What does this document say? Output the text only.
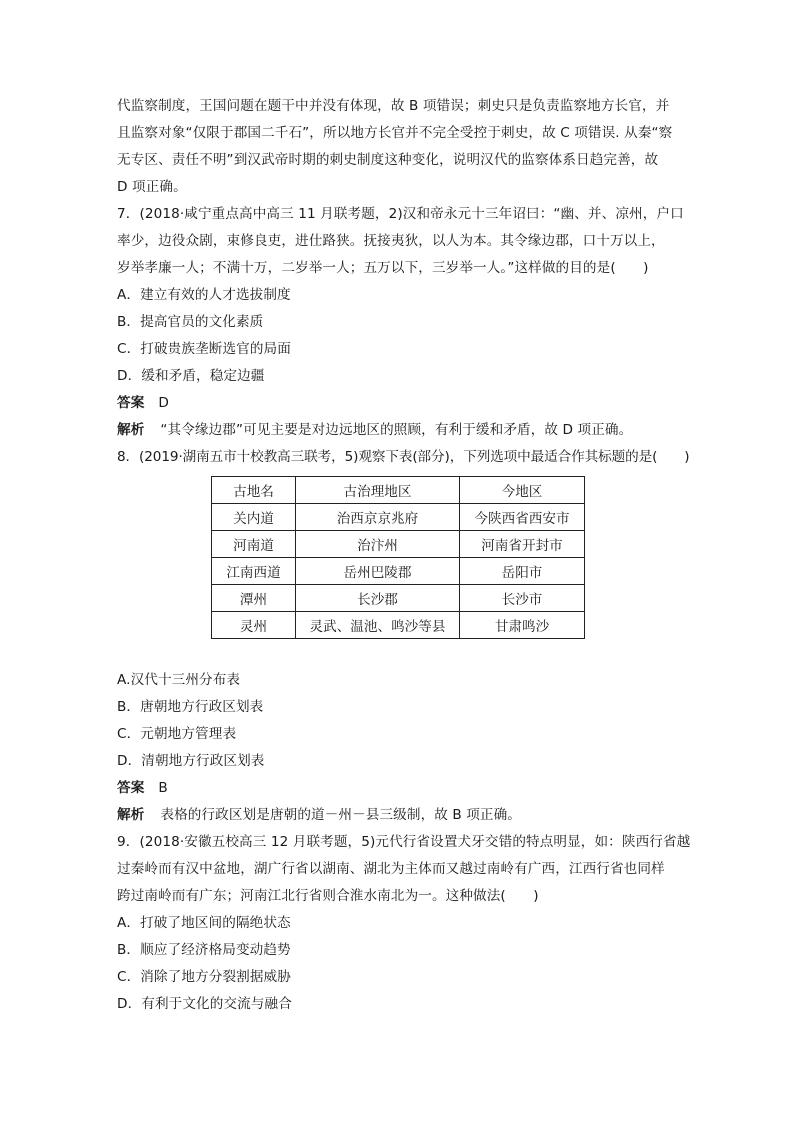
代监察制度，王国问题在题干中并没有体现，故 B 项错误；刺史只是负责监察地方长官，并
且监察对象“仅限于郡国二千石”，所以地方长官并不完全受控于刺史，故 C 项错误. 从秦“察
无专区、责任不明”到汉武帝时期的刺史制度这种变化，说明汉代的监察体系日趋完善，故
D 项正确。
7．(2018·咸宁重点高中高三 11 月联考题，2)汉和帝永元十三年诏曰：“幽、并、凉州，户口
率少，边役众剧，束修良吏，进仕路狭。抚接夷狄，以人为本。其令缘边郡，口十万以上，
岁举孝廉一人；不满十万，二岁举一人；五万以下，三岁举一人。”这样做的目的是(　　)
A．建立有效的人才选拔制度
B．提高官员的文化素质
C．打破贵族垄断选官的局面
D．缓和矛盾，稳定边疆
答案 D
解析 “其令缘边郡”可见主要是对边远地区的照顾，有利于缓和矛盾，故 D 项正确。
8．(2019·湖南五市十校教高三联考，5)观察下表(部分)，下列选项中最适合作其标题的是(　　)
古地名	古治理地区	今地区
关内道	治西京京兆府	今陕西省西安市
河南道	治汴州	河南省开封市
江南西道	岳州巴陵郡	岳阳市
潭州	长沙郡	长沙市
灵州	灵武、温池、鸣沙等县	甘肃鸣沙
A.汉代十三州分布表
B．唐朝地方行政区划表
C．元朝地方管理表
D．清朝地方行政区划表
答案 B
解析 表格的行政区划是唐朝的道－州－县三级制，故 B 项正确。
9．(2018·安徽五校高三 12 月联考题，5)元代行省设置犬牙交错的特点明显，如：陕西行省越
过秦岭而有汉中盆地，湖广行省以湖南、湖北为主体而又越过南岭有广西，江西行省也同样
跨过南岭而有广东；河南江北行省则合淮水南北为一。这种做法(　　)
A．打破了地区间的隔绝状态
B．顺应了经济格局变动趋势
C．消除了地方分裂割据威胁
D．有利于文化的交流与融合
